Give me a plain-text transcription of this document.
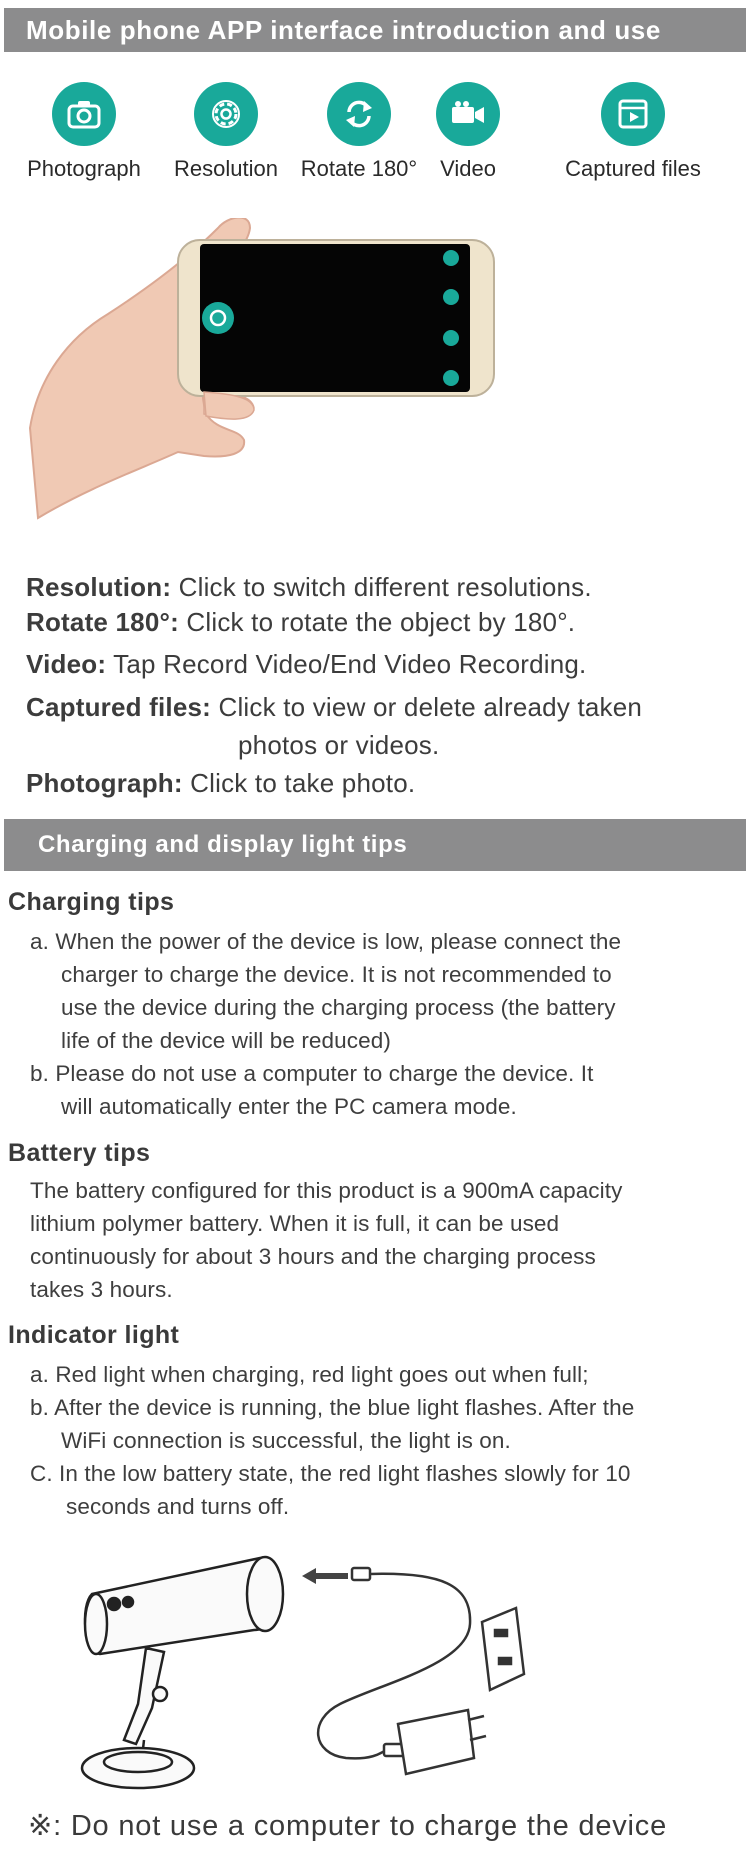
Mobile phone APP interface introduction and use
Photograph	Resolution	Rotate 180°	Video	Captured files
Resolution: Click to switch different resolutions.
Rotate 180°: Click to rotate the object by 180°.
Video: Tap Record Video/End Video Recording.
Captured files: Click to view or delete already taken
photos or videos.
Photograph: Click to take photo.
Charging and display light tips
Charging tips
a. When the power of the device is low, please connect the
charger to charge the device. It is not recommended to
use the device during the charging process (the battery
life of the device will be reduced)
b. Please do not use a computer to charge the device. It
will automatically enter the PC camera mode.
Battery tips
The battery configured for this product is a 900mA capacity
lithium polymer battery. When it is full, it can be used
continuously for about 3 hours and the charging process
takes 3 hours.
Indicator light
a. Red light when charging, red light goes out when full;
b. After the device is running, the blue light flashes. After the
WiFi connection is successful, the light is on.
C. In the low battery state, the red light flashes slowly for 10
seconds and turns off.
※: Do not use a computer to charge the device
